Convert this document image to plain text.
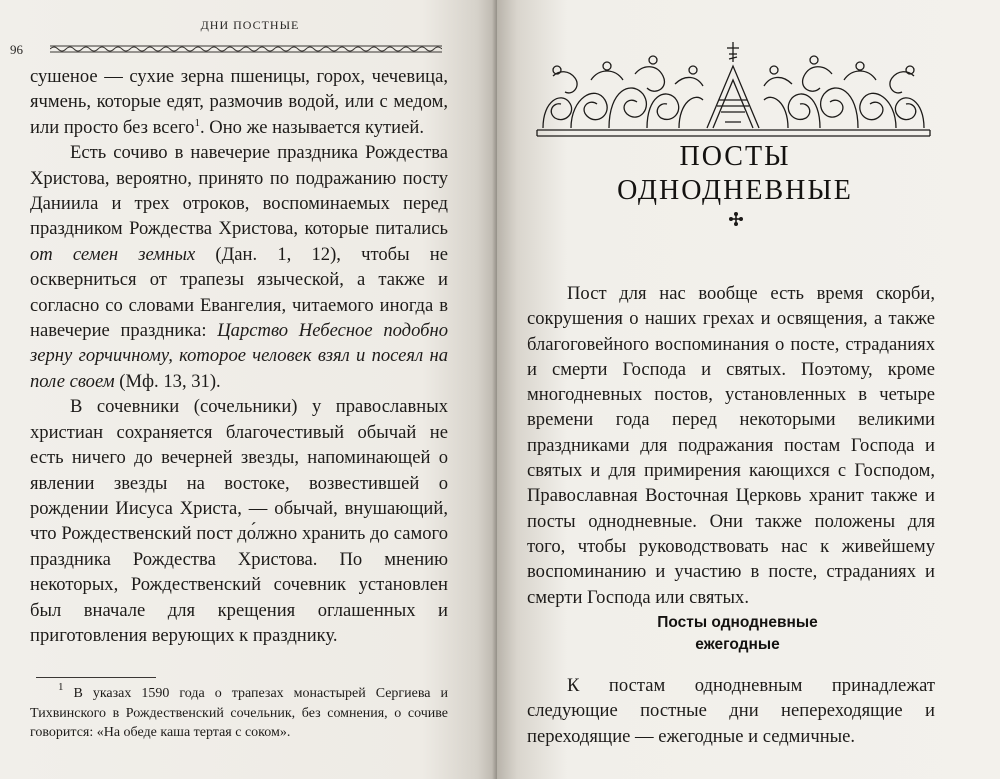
ДНИ ПОСТНЫЕ
96

сушеное — сухие зерна пшеницы, горох, чечевица, ячмень, которые едят, размочив водой, или с медом, или просто без всего$^1$. Оно же называется кутией.

Есть сочиво в навечерие праздника Рождества Христова, вероятно, принято по подражанию посту Даниила и трех отроков, воспоминаемых перед праздником Рождества Христова, которые питались от семен земных (Дан. 1, 12), чтобы не оскверниться от трапезы языческой, а также и согласно со словами Евангелия, читаемого иногда в навечерие праздника: Царство Небесное подобно зерну горчичному, которое человек взял и посеял на поле своем (Мф. 13, 31).

В сочевники (сочельники) у православных христиан сохраняется благочестивый обычай не есть ничего до вечерней звезды, напоминающей о явлении звезды на востоке, возвестившей о рождении Иисуса Христа, — обычай, внушающий, что Рождественский пост до́лжно хранить до самого праздника Рождества Христова. По мнению некоторых, Рождественский сочевник установлен был вначале для крещения оглашенных и приготовления верующих к празднику.

$^1$ В указах 1590 года о трапезах монастырей Сергиева и Тихвинского в Рождественский сочельник, без сомнения, о сочиве говорится: «На обеде каша тертая с соком».

ПОСТЫ
ОДНОДНЕВНЫЕ

Пост для нас вообще есть время скорби, сокрушения о наших грехах и освящения, а также благоговейного воспоминания о посте, страданиях и смерти Господа и святых. Поэтому, кроме многодневных постов, установленных в четыре времени года перед некоторыми великими праздниками для подражания постам Господа и святых и для примирения кающихся с Господом, Православная Восточная Церковь хранит также и посты однодневные. Они также положены для того, чтобы руководствовать нас к живейшему воспоминанию и участию в посте, страданиях и смерти Господа или святых.

Посты однодневные
ежегодные

К постам однодневным принадлежат следующие постные дни непереходящие и переходящие — ежегодные и седмичные.
